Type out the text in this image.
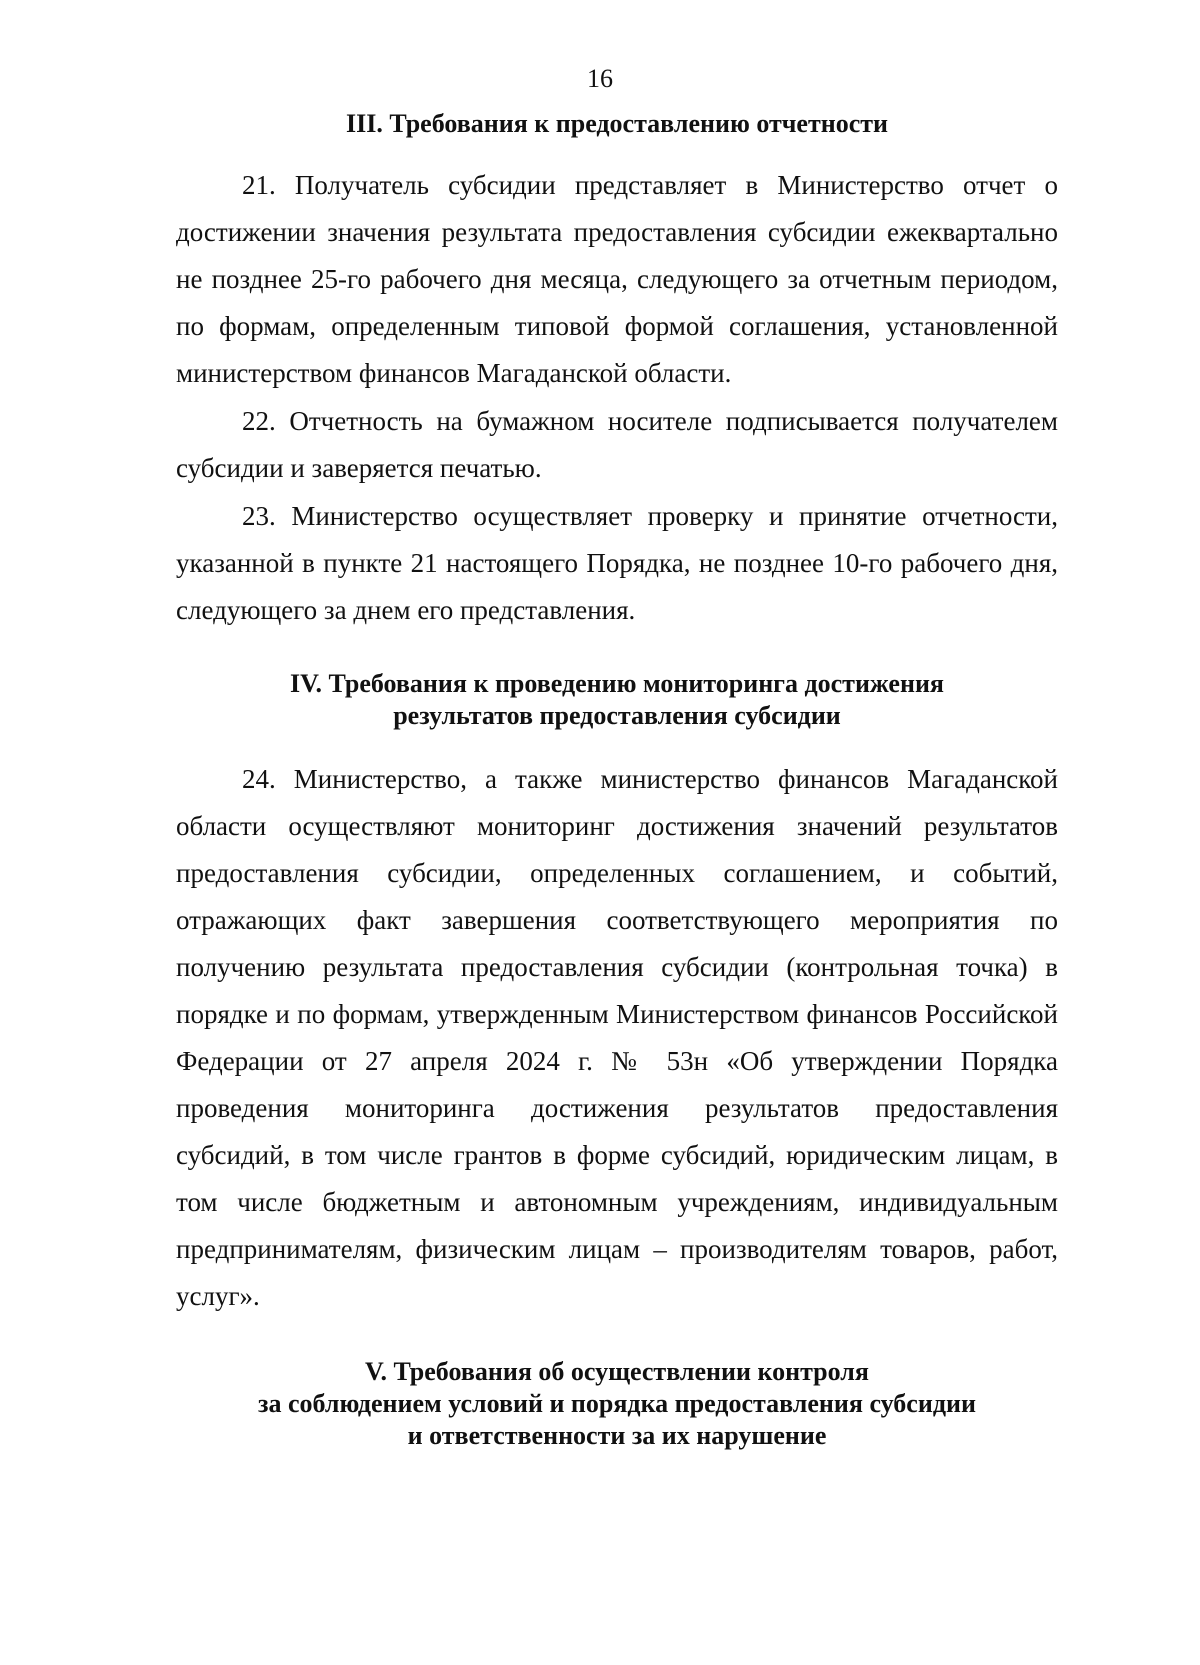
16
III. Требования к предоставлению отчетности

21. Получатель субсидии представляет в Министерство отчет о достижении значения результата предоставления субсидии ежеквартально не позднее 25-го рабочего дня месяца, следующего за отчетным периодом, по формам, определенным типовой формой соглашения, установленной министерством финансов Магаданской области.

22. Отчетность на бумажном носителе подписывается получателем субсидии и заверяется печатью.

23. Министерство осуществляет проверку и принятие отчетности, указанной в пункте 21 настоящего Порядка, не позднее 10-го рабочего дня, следующего за днем его представления.

IV. Требования к проведению мониторинга достижения
результатов предоставления субсидии

24. Министерство, а также министерство финансов Магаданской области осуществляют мониторинг достижения значений результатов предоставления субсидии, определенных соглашением, и событий, отражающих факт завершения соответствующего мероприятия по получению результата предоставления субсидии (контрольная точка) в порядке и по формам, утвержденным Министерством финансов Российской Федерации от 27 апреля 2024 г. № 53н «Об утверждении Порядка проведения мониторинга достижения результатов предоставления субсидий, в том числе грантов в форме субсидий, юридическим лицам, в том числе бюджетным и автономным учреждениям, индивидуальным предпринимателям, физическим лицам – производителям товаров, работ, услуг».

V. Требования об осуществлении контроля
за соблюдением условий и порядка предоставления субсидии
и ответственности за их нарушение
